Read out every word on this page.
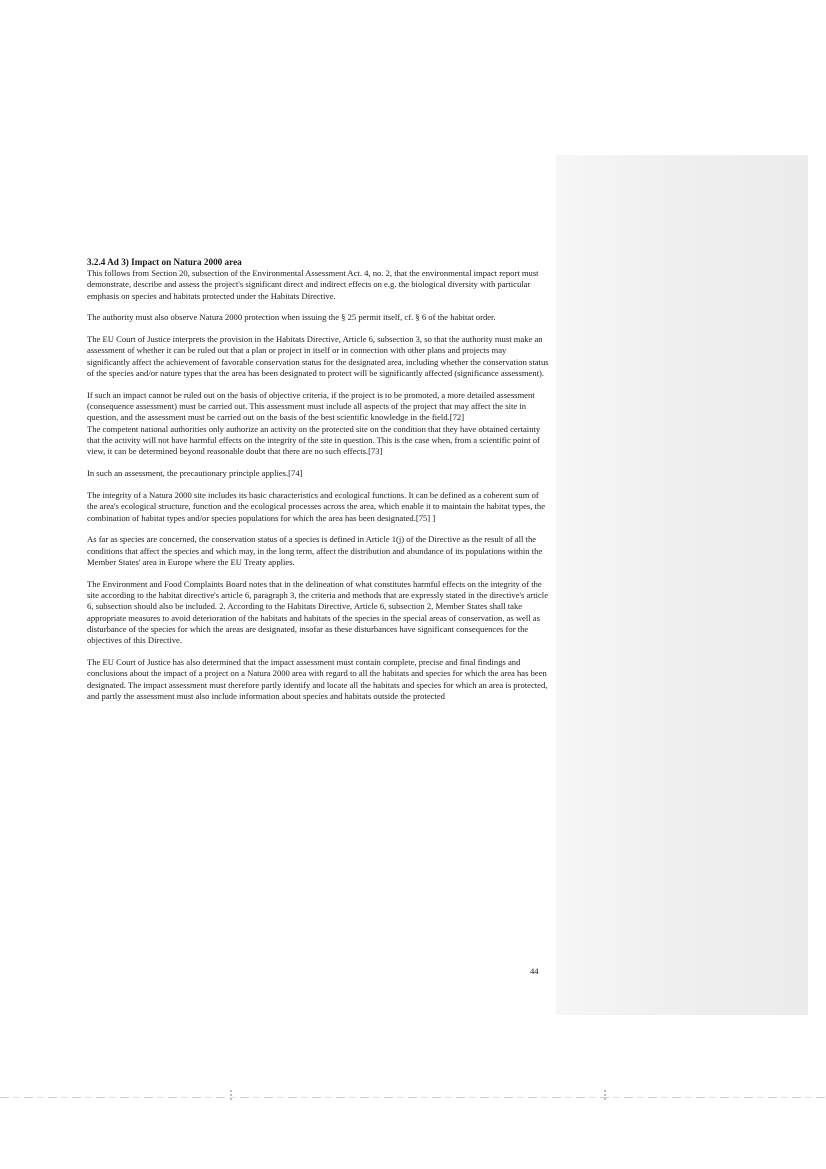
3.2.4 Ad 3) Impact on Natura 2000 area

This follows from Section 20, subsection of the Environmental Assessment Act. 4, no. 2, that the environmental impact report must demonstrate, describe and assess the project's significant direct and indirect effects on e.g. the biological diversity with particular emphasis on species and habitats protected under the Habitats Directive.

The authority must also observe Natura 2000 protection when issuing the § 25 permit itself, cf. § 6 of the habitat order.

The EU Court of Justice interprets the provision in the Habitats Directive, Article 6, subsection 3, so that the authority must make an assessment of whether it can be ruled out that a plan or project in itself or in connection with other plans and projects may significantly affect the achievement of favorable conservation status for the designated area, including whether the conservation status of the species and/or nature types that the area has been designated to protect will be significantly affected (significance assessment).

If such an impact cannot be ruled out on the basis of objective criteria, if the project is to be promoted, a more detailed assessment (consequence assessment) must be carried out. This assessment must include all aspects of the project that may affect the site in question, and the assessment must be carried out on the basis of the best scientific knowledge in the field.[72]

The competent national authorities only authorize an activity on the protected site on the condition that they have obtained certainty that the activity will not have harmful effects on the integrity of the site in question. This is the case when, from a scientific point of view, it can be determined beyond reasonable doubt that there are no such effects.[73]

In such an assessment, the precautionary principle applies.[74]

The integrity of a Natura 2000 site includes its basic characteristics and ecological functions. It can be defined as a coherent sum of the area's ecological structure, function and the ecological processes across the area, which enable it to maintain the habitat types, the combination of habitat types and/or species populations for which the area has been designated.[75] ]

As far as species are concerned, the conservation status of a species is defined in Article 1(j) of the Directive as the result of all the conditions that affect the species and which may, in the long term, affect the distribution and abundance of its populations within the Member States' area in Europe where the EU Treaty applies.

The Environment and Food Complaints Board notes that in the delineation of what constitutes harmful effects on the integrity of the site according to the habitat directive's article 6, paragraph 3, the criteria and methods that are expressly stated in the directive's article 6, subsection should also be included. 2. According to the Habitats Directive, Article 6, subsection 2, Member States shall take appropriate measures to avoid deterioration of the habitats and habitats of the species in the special areas of conservation, as well as disturbance of the species for which the areas are designated, insofar as these disturbances have significant consequences for the objectives of this Directive.

The EU Court of Justice has also determined that the impact assessment must contain complete, precise and final findings and conclusions about the impact of a project on a Natura 2000 area with regard to all the habitats and species for which the area has been designated. The impact assessment must therefore partly identify and locate all the habitats and species for which an area is protected, and partly the assessment must also include information about species and habitats outside the protected

44
